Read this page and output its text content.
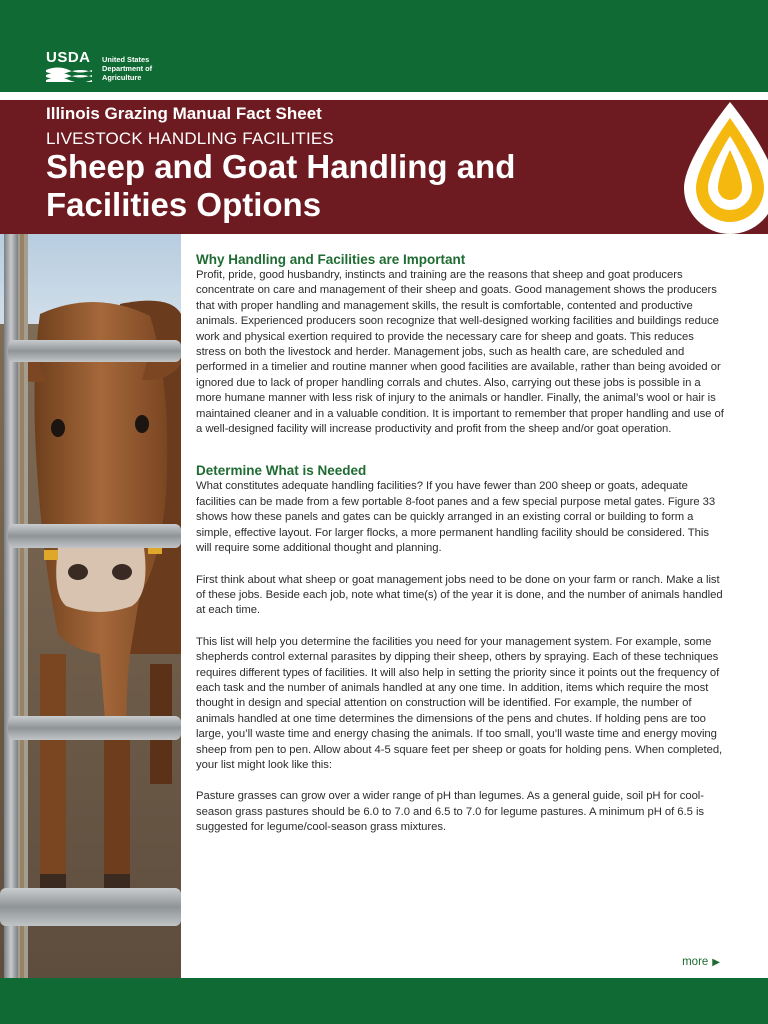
USDA United States
Department of
Agriculture
Illinois Grazing Manual Fact Sheet
LIVESTOCK HANDLING FACILITIES
Sheep and Goat Handling and
Facilities Options
Why Handling and Facilities are Important

Profit, pride, good husbandry, instincts and training are the reasons that sheep and goat producers concentrate on care and management of their sheep and goats. Good management shows the producers that with proper handling and management skills, the result is comfortable, contented and productive animals. Experienced producers soon recognize that well-designed working facilities and buildings reduce work and physical exertion required to provide the necessary care for sheep and goats. This reduces stress on both the livestock and herder. Management jobs, such as health care, are scheduled and performed in a timelier and routine manner when good facilities are available, rather than being avoided or ignored due to lack of proper handling corrals and chutes. Also, carrying out these jobs is possible in a more humane manner with less risk of injury to the animals or handler. Finally, the animal’s wool or hair is maintained cleaner and in a valuable condition. It is important to remember that proper handling and use of a well-designed facility will increase productivity and profit from the sheep and/or goat operation.

Determine What is Needed

What constitutes adequate handling facilities? If you have fewer than 200 sheep or goats, adequate facilities can be made from a few portable 8-foot panes and a few special purpose metal gates. Figure 33 shows how these panels and gates can be quickly arranged in an existing corral or building to form a simple, effective layout. For larger flocks, a more permanent handling facility should be considered. This will require some additional thought and planning.

First think about what sheep or goat management jobs need to be done on your farm or ranch. Make a list of these jobs. Beside each job, note what time(s) of the year it is done, and the number of animals handled at each time.

This list will help you determine the facilities you need for your management system. For example, some shepherds control external parasites by dipping their sheep, others by spraying. Each of these techniques requires different types of facilities. It will also help in setting the priority since it points out the frequency of each task and the number of animals handled at any one time. In addition, items which require the most thought in design and special attention on construction will be identified. For example, the number of animals handled at one time determines the dimensions of the pens and chutes. If holding pens are too large, you’ll waste time and energy chasing the animals. If too small, you’ll waste time and energy moving sheep from pen to pen. Allow about 4-5 square feet per sheep or goats for holding pens. When completed, your list might look like this:

Pasture grasses can grow over a wider range of pH than legumes. As a general guide, soil pH for cool-season grass pastures should be 6.0 to 7.0 and 6.5 to 7.0 for legume pastures. A minimum pH of 6.5 is suggested for legume/cool-season grass mixtures.

more ▶
